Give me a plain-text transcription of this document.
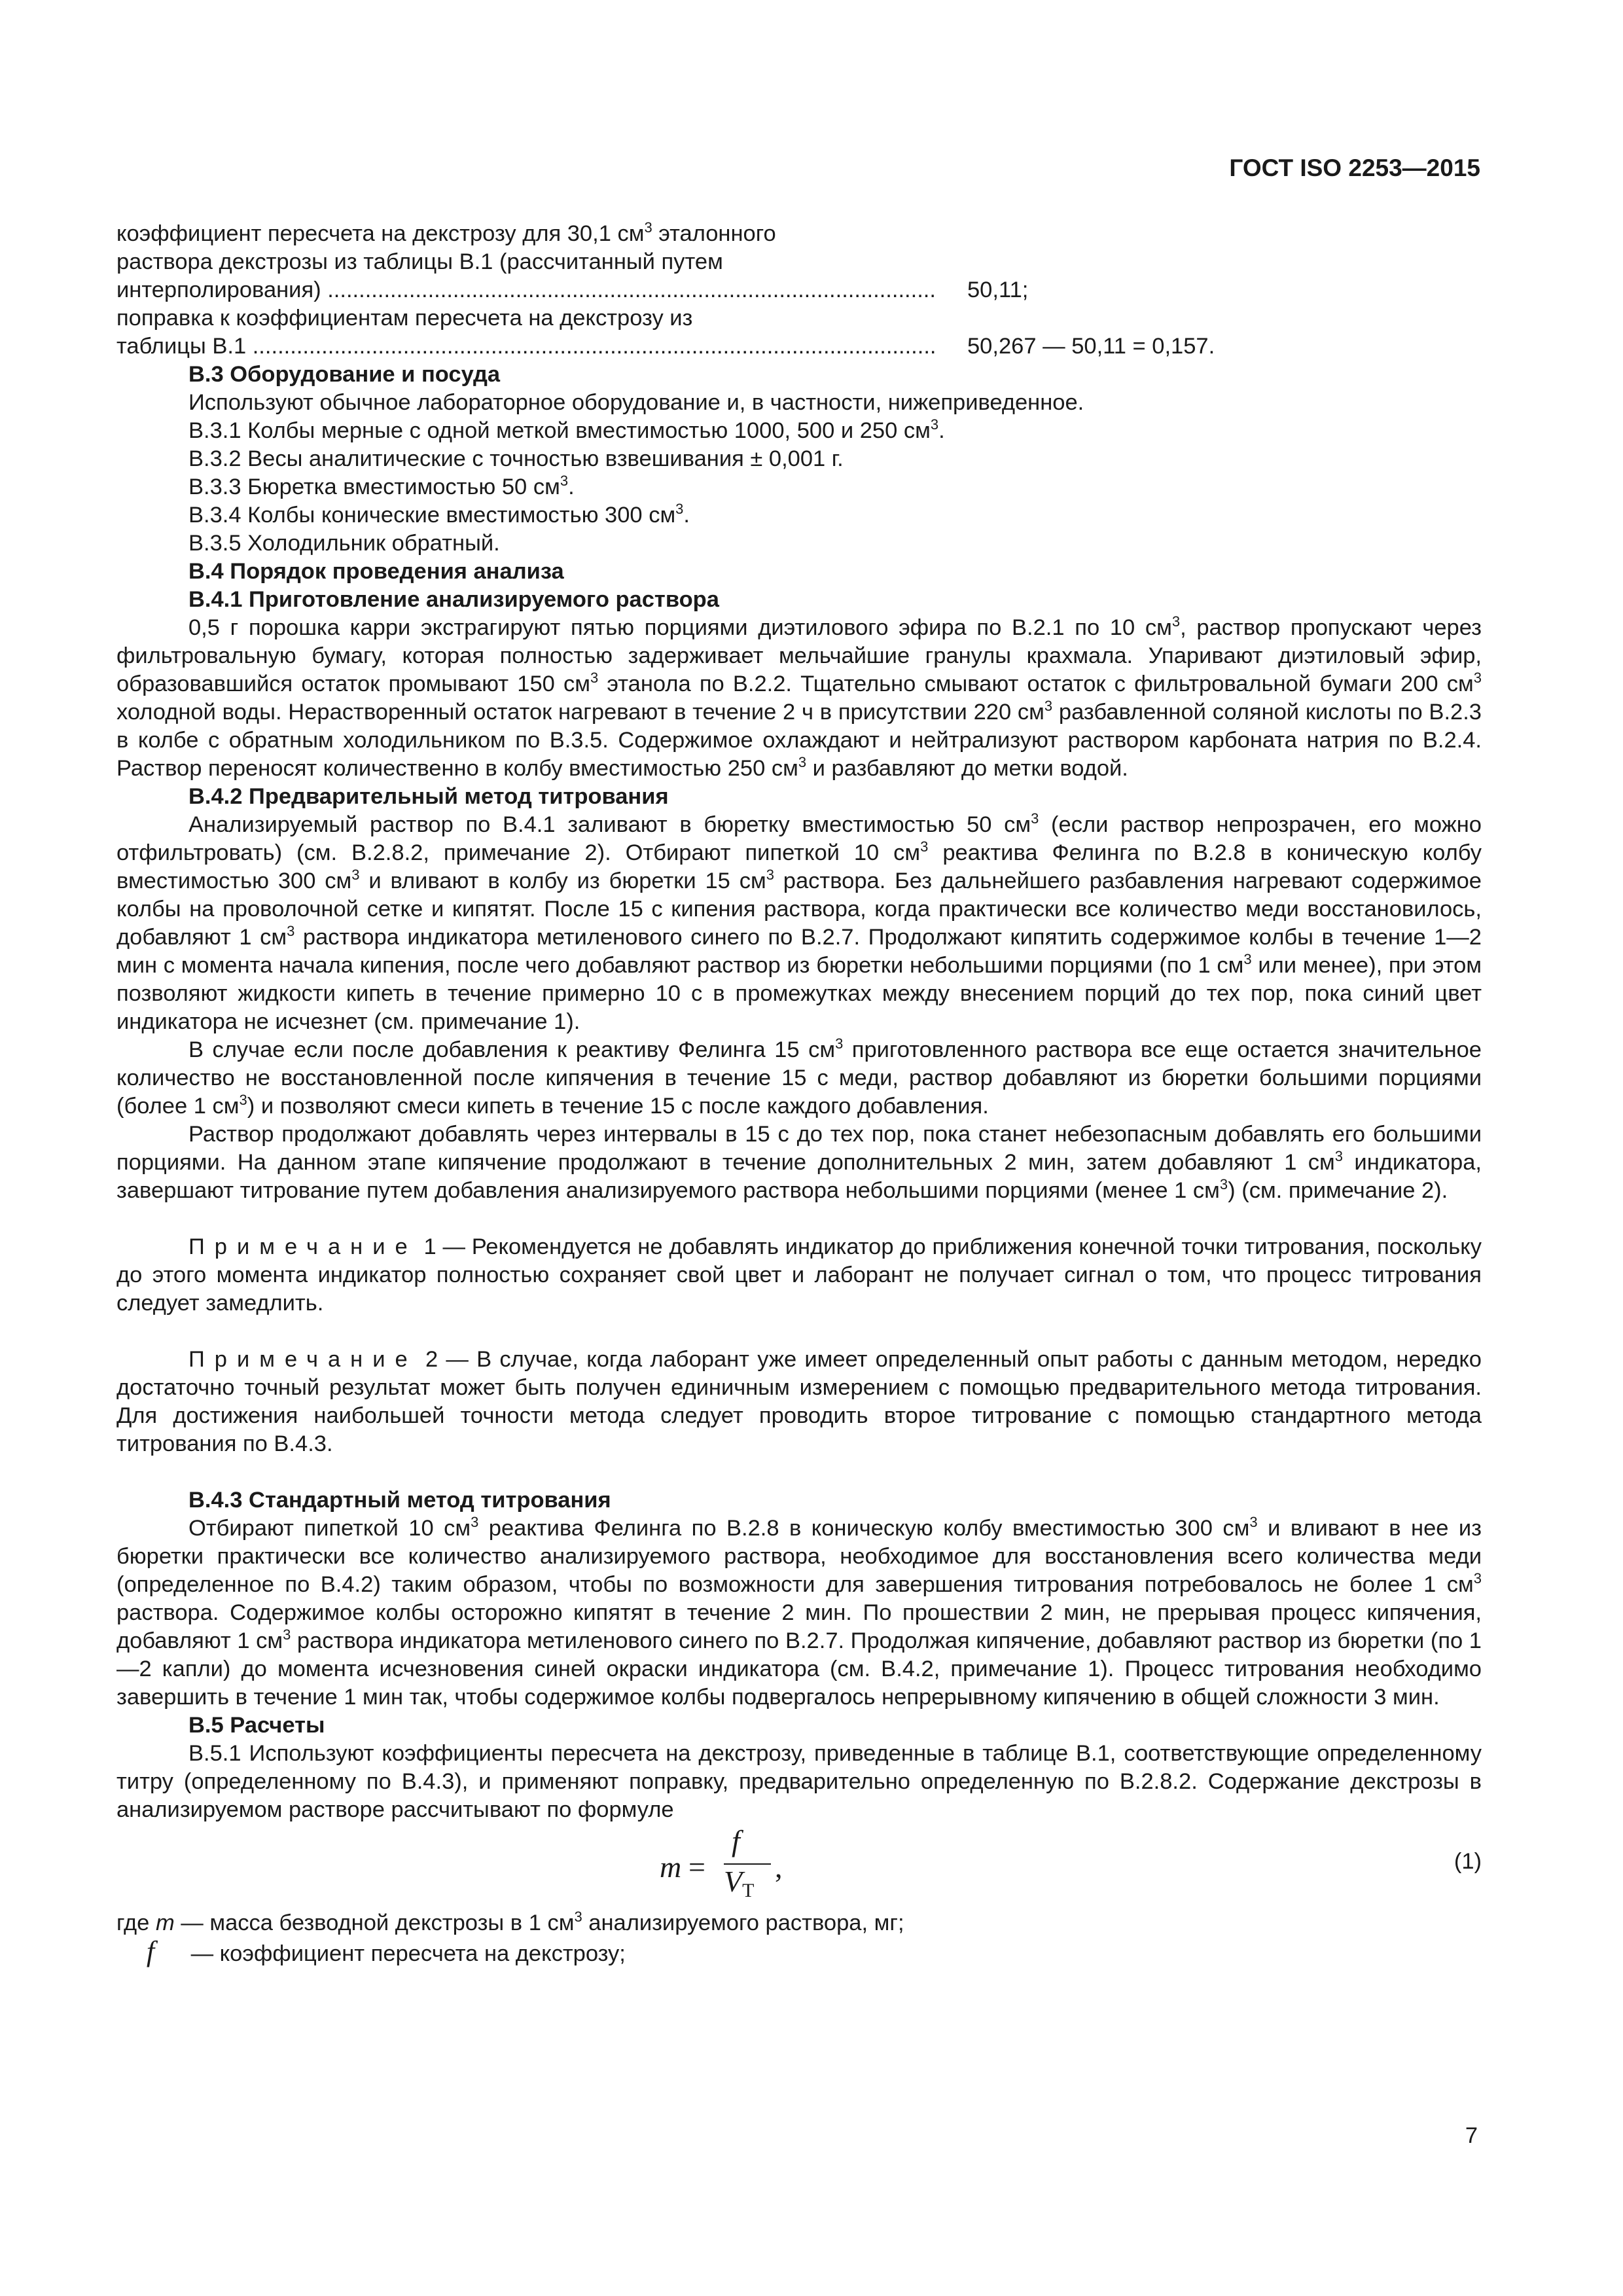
ГОСТ ISO 2253—2015

коэффициент пересчета на декстрозу для 30,1 $см^3$ эталонного

раствора декстрозы из таблицы B.1 (рассчитанный путем

интерполирования) .....	50,11;

поправка к коэффициентам пересчета на декстрозу из

таблицы B.1 .....	50,267 — 50,11 = 0,157.

B.3 Оборудование и посуда

Используют обычное лабораторное оборудование и, в частности, нижеприведенное.

B.3.1 Колбы мерные с одной меткой вместимостью 1000, 500 и 250 $см^3$.

B.3.2 Весы аналитические с точностью взвешивания ± 0,001 г.

B.3.3 Бюретка вместимостью 50 $см^3$.

B.3.4 Колбы конические вместимостью 300 $см^3$.

B.3.5 Холодильник обратный.

B.4 Порядок проведения анализа

B.4.1 Приготовление анализируемого раствора

0,5 г порошка карри экстрагируют пятью порциями диэтилового эфира по B.2.1 по 10 $см^3$, раствор пропускают через фильтровальную бумагу, которая полностью задерживает мельчайшие гранулы крахмала. Упаривают диэтиловый эфир, образовавшийся остаток промывают 150 $см^3$ этанола по B.2.2. Тщательно смывают остаток с фильтровальной бумаги 200 $см^3$ холодной воды. Нерастворенный остаток нагревают в течение 2 ч в присутствии 220 $см^3$ разбавленной соляной кислоты по B.2.3 в колбе с обратным холодильником по B.3.5. Содержимое охлаждают и нейтрализуют раствором карбоната натрия по B.2.4. Раствор переносят количественно в колбу вместимостью 250 $см^3$ и разбавляют до метки водой.

B.4.2 Предварительный метод титрования

Анализируемый раствор по B.4.1 заливают в бюретку вместимостью 50 $см^3$ (если раствор непрозрачен, его можно отфильтровать) (см. B.2.8.2, примечание 2). Отбирают пипеткой 10 $см^3$ реактива Фелинга по B.2.8 в коническую колбу вместимостью 300 $см^3$ и вливают в колбу из бюретки 15 $см^3$ раствора. Без дальнейшего разбавления нагревают содержимое колбы на проволочной сетке и кипятят. После 15 с кипения раствора, когда практически все количество меди восстановилось, добавляют 1 $см^3$ раствора индикатора метиленового синего по B.2.7. Продолжают кипятить содержимое колбы в течение 1—2 мин с момента начала кипения, после чего добавляют раствор из бюретки небольшими порциями (по 1 $см^3$ или менее), при этом позволяют жидкости кипеть в течение примерно 10 с в промежутках между внесением порций до тех пор, пока синий цвет индикатора не исчезнет (см. примечание 1).

В случае если после добавления к реактиву Фелинга 15 $см^3$ приготовленного раствора все еще остается значительное количество не восстановленной после кипячения в течение 15 с меди, раствор добавляют из бюретки большими порциями (более 1 $см^3$) и позволяют смеси кипеть в течение 15 с после каждого добавления.

Раствор продолжают добавлять через интервалы в 15 с до тех пор, пока станет небезопасным добавлять его большими порциями. На данном этапе кипячение продолжают в течение дополнительных 2 мин, затем добавляют 1 $см^3$ индикатора, завершают титрование путем добавления анализируемого раствора небольшими порциями (менее 1 $см^3$) (см. примечание 2).

Примечание 1 — Рекомендуется не добавлять индикатор до приближения конечной точки титрования, поскольку до этого момента индикатор полностью сохраняет свой цвет и лаборант не получает сигнал о том, что процесс титрования следует замедлить.

Примечание 2 — В случае, когда лаборант уже имеет определенный опыт работы с данным методом, нередко достаточно точный результат может быть получен единичным измерением с помощью предварительного метода титрования. Для достижения наибольшей точности метода следует проводить второе титрование с помощью стандартного метода титрования по B.4.3.

B.4.3 Стандартный метод титрования

Отбирают пипеткой 10 $см^3$ реактива Фелинга по B.2.8 в коническую колбу вместимостью 300 $см^3$ и вливают в нее из бюретки практически все количество анализируемого раствора, необходимое для восстановления всего количества меди (определенное по B.4.2) таким образом, чтобы по возможности для завершения титрования потребовалось не более 1 $см^3$ раствора. Содержимое колбы осторожно кипятят в течение 2 мин. По прошествии 2 мин, не прерывая процесс кипячения, добавляют 1 $см^3$ раствора индикатора метиленового синего по B.2.7. Продолжая кипячение, добавляют раствор из бюретки (по 1—2 капли) до момента исчезновения синей окраски индикатора (см. B.4.2, примечание 1). Процесс титрования необходимо завершить в течение 1 мин так, чтобы содержимое колбы подвергалось непрерывному кипячению в общей сложности 3 мин.

B.5 Расчеты

B.5.1 Используют коэффициенты пересчета на декстрозу, приведенные в таблице B.1, соответствующие определенному титру (определенному по B.4.3), и применяют поправку, предварительно определенную по B.2.8.2. Содержание декстрозы в анализируемом растворе рассчитывают по формуле

m =
f
VТ
,	(1)

где m — масса безводной декстрозы в 1 $см^3$ анализируемого раствора, мг;

f — коэффициент пересчета на декстрозу;

7
